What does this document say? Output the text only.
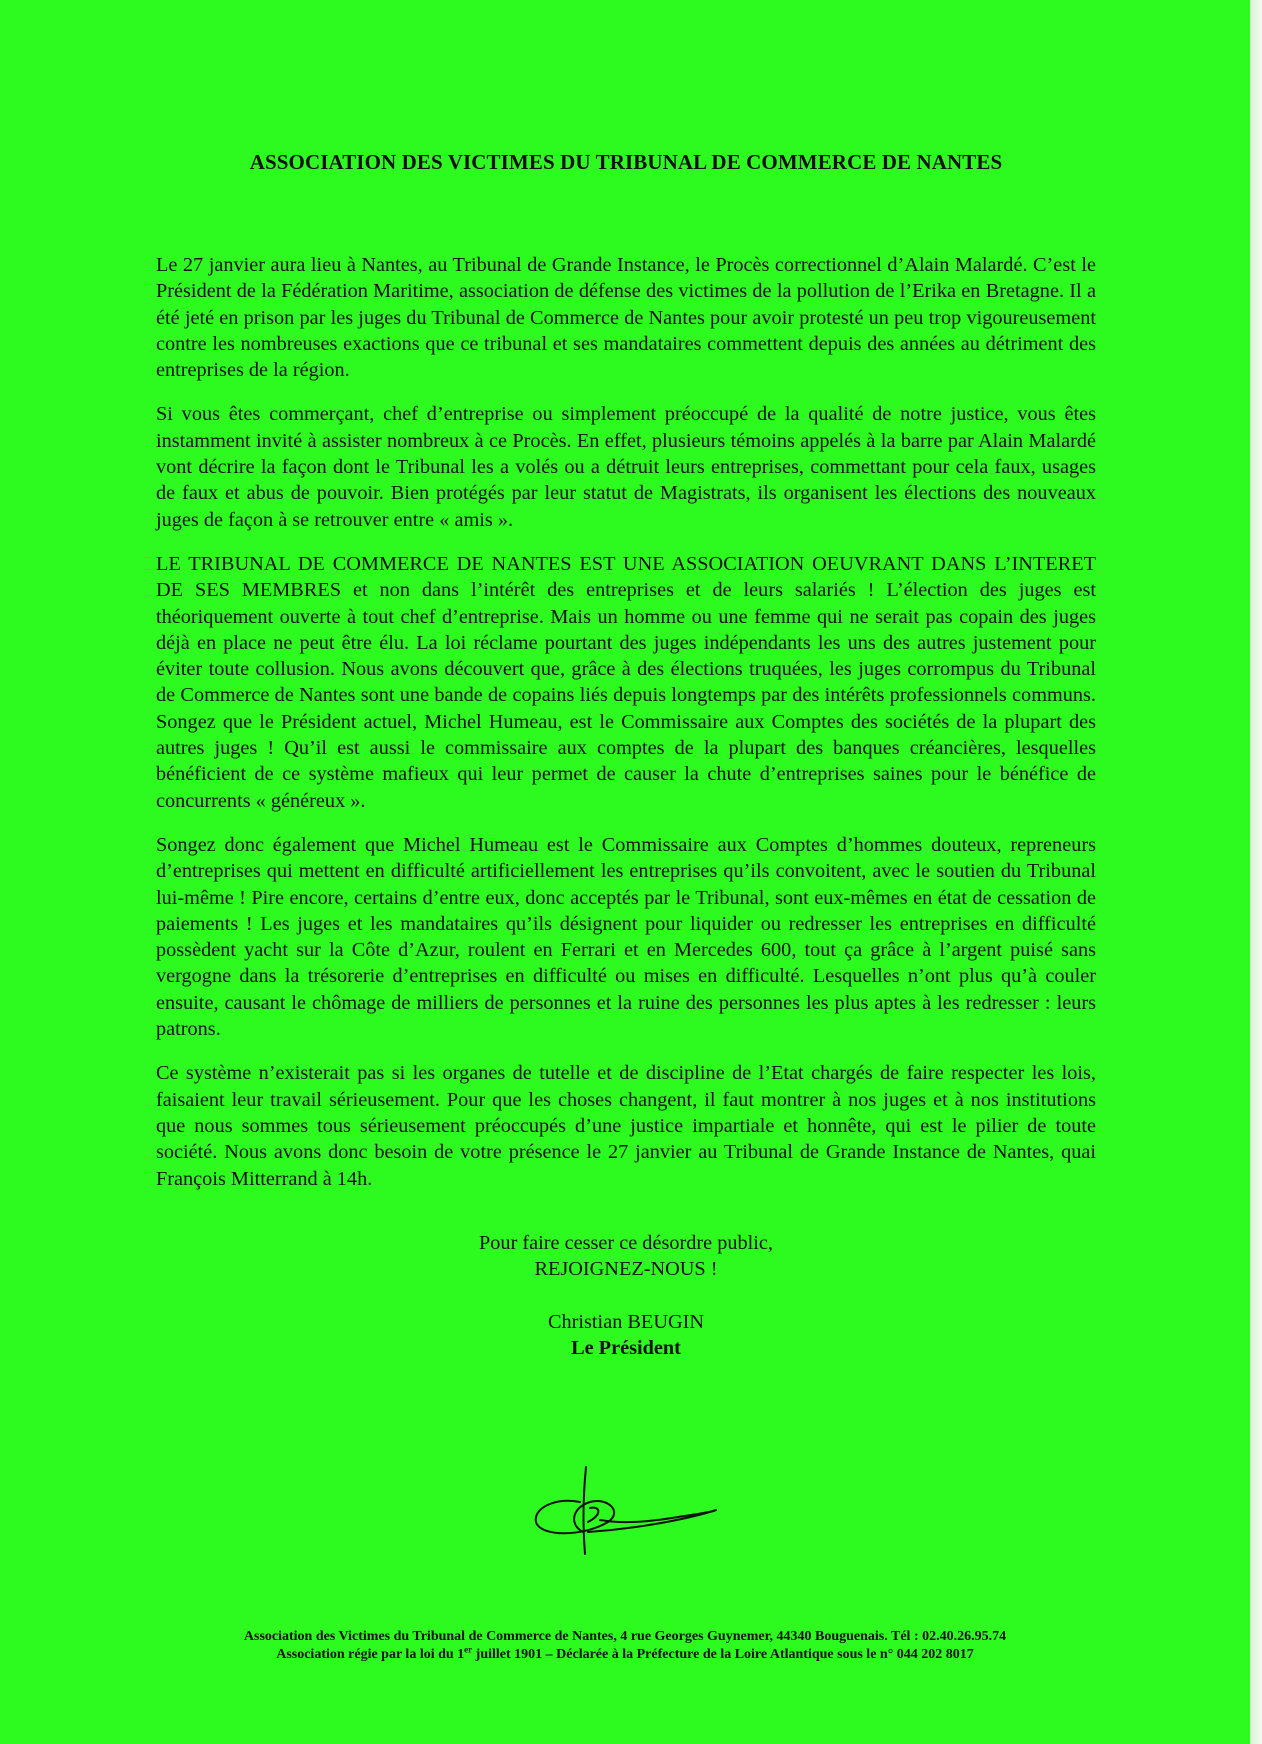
ASSOCIATION DES VICTIMES DU TRIBUNAL DE COMMERCE DE NANTES

Le 27 janvier aura lieu à Nantes, au Tribunal de Grande Instance, le Procès correctionnel d’Alain Malardé. C’est le Président de la Fédération Maritime, association de défense des victimes de la pollution de l’Erika en Bretagne. Il a été jeté en prison par les juges du Tribunal de Commerce de Nantes pour avoir protesté un peu trop vigoureusement contre les nombreuses exactions que ce tribunal et ses mandataires commettent depuis des années au détriment des entreprises de la région.

Si vous êtes commerçant, chef d’entreprise ou simplement préoccupé de la qualité de notre justice, vous êtes instamment invité à assister nombreux à ce Procès. En effet, plusieurs témoins appelés à la barre par Alain Malardé vont décrire la façon dont le Tribunal les a volés ou a détruit leurs entreprises, commettant pour cela faux, usages de faux et abus de pouvoir. Bien protégés par leur statut de Magistrats, ils organisent les élections des nouveaux juges de façon à se retrouver entre « amis ».

LE TRIBUNAL DE COMMERCE DE NANTES EST UNE ASSOCIATION OEUVRANT DANS L’INTERET DE SES MEMBRES et non dans l’intérêt des entreprises et de leurs salariés ! L’élection des juges est théoriquement ouverte à tout chef d’entreprise. Mais un homme ou une femme qui ne serait pas copain des juges déjà en place ne peut être élu. La loi réclame pourtant des juges indépendants les uns des autres justement pour éviter toute collusion. Nous avons découvert que, grâce à des élections truquées, les juges corrompus du Tribunal de Commerce de Nantes sont une bande de copains liés depuis longtemps par des intérêts professionnels communs. Songez que le Président actuel, Michel Humeau, est le Commissaire aux Comptes des sociétés de la plupart des autres juges ! Qu’il est aussi le commissaire aux comptes de la plupart des banques créancières, lesquelles bénéficient de ce système mafieux qui leur permet de causer la chute d’entreprises saines pour le bénéfice de concurrents « généreux ».

Songez donc également que Michel Humeau est le Commissaire aux Comptes d’hommes douteux, repreneurs d’entreprises qui mettent en difficulté artificiellement les entreprises qu’ils convoitent, avec le soutien du Tribunal lui-même ! Pire encore, certains d’entre eux, donc acceptés par le Tribunal, sont eux-mêmes en état de cessation de paiements ! Les juges et les mandataires qu’ils désignent pour liquider ou redresser les entreprises en difficulté possèdent yacht sur la Côte d’Azur, roulent en Ferrari et en Mercedes 600, tout ça grâce à l’argent puisé sans vergogne dans la trésorerie d’entreprises en difficulté ou mises en difficulté. Lesquelles n’ont plus qu’à couler ensuite, causant le chômage de milliers de personnes et la ruine des personnes les plus aptes à les redresser : leurs patrons.

Ce système n’existerait pas si les organes de tutelle et de discipline de l’Etat chargés de faire respecter les lois, faisaient leur travail sérieusement. Pour que les choses changent, il faut montrer à nos juges et à nos institutions que nous sommes tous sérieusement préoccupés d’une justice impartiale et honnête, qui est le pilier de toute société. Nous avons donc besoin de votre présence le 27 janvier au Tribunal de Grande Instance de Nantes, quai François Mitterrand à 14h.

Pour faire cesser ce désordre public,
REJOIGNEZ-NOUS !
Christian BEUGIN
Le Président
Association des Victimes du Tribunal de Commerce de Nantes, 4 rue Georges Guynemer, 44340 Bouguenais. Tél : 02.40.26.95.74
Association régie par la loi du 1er juillet 1901 – Déclarée à la Préfecture de la Loire Atlantique sous le n° 044 202 8017
